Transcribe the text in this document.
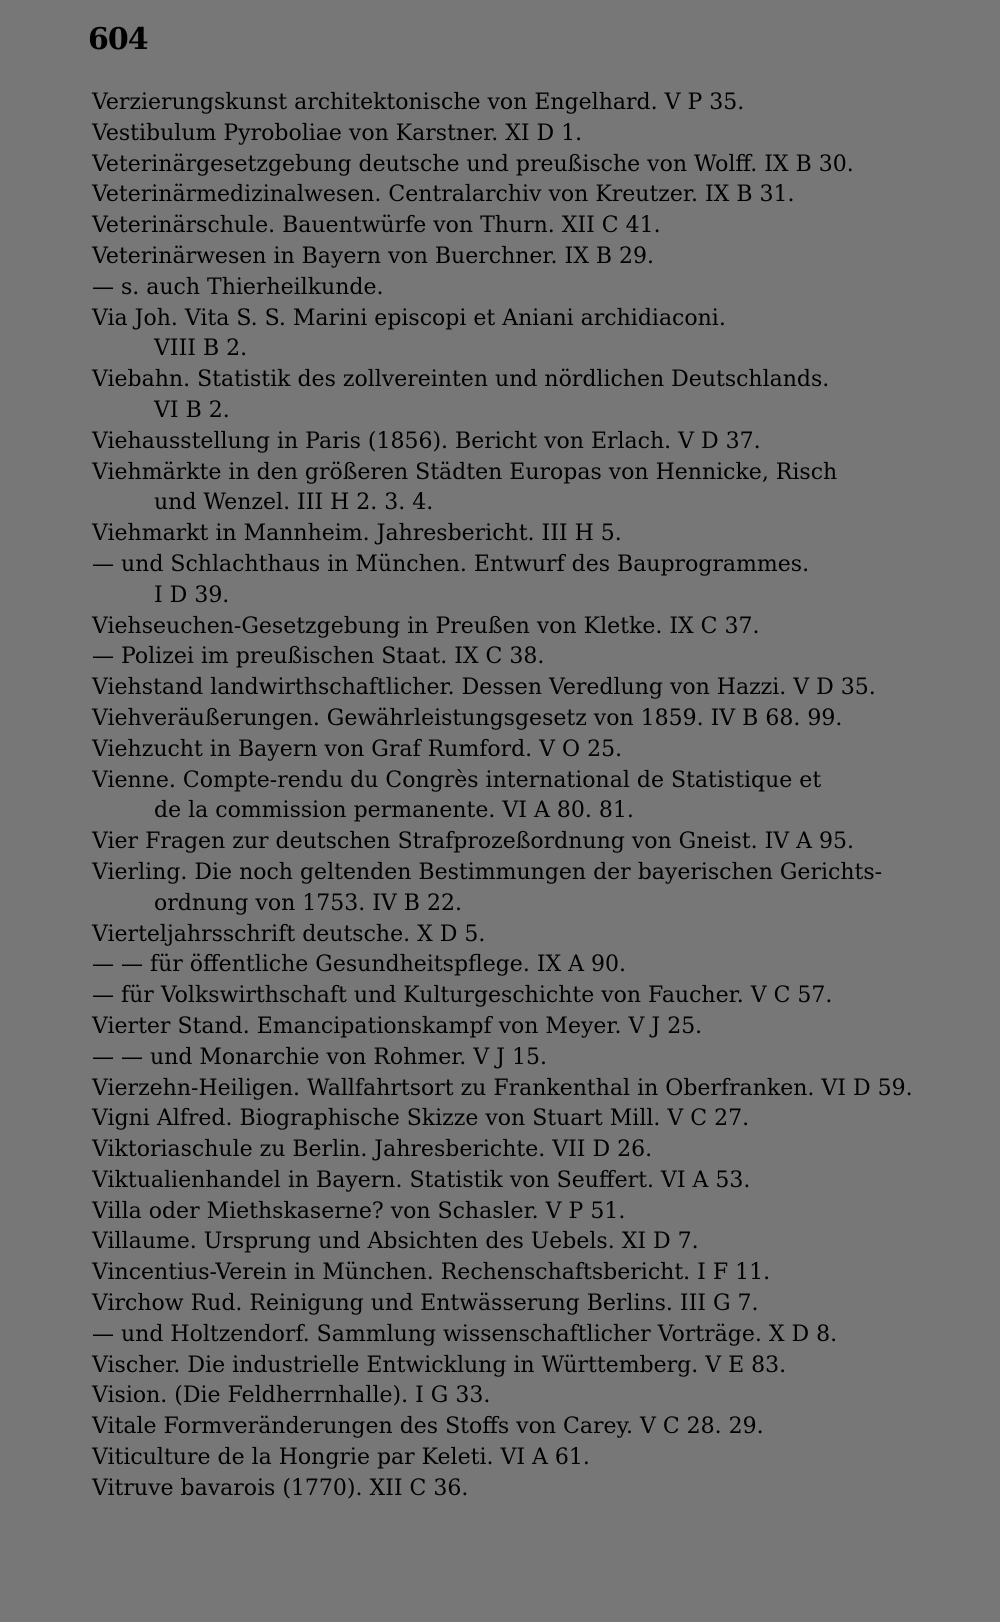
604
Verzierungskunst architektonische von Engelhard. V P 35.
Vestibulum Pyroboliae von Karstner. XI D 1.
Veterinärgesetzgebung deutsche und preußische von Wolff. IX B 30.
Veterinärmedizinalwesen. Centralarchiv von Kreutzer. IX B 31.
Veterinärschule. Bauentwürfe von Thurn. XII C 41.
Veterinärwesen in Bayern von Buerchner. IX B 29.
— s. auch Thierheilkunde.
Via Joh. Vita S. S. Marini episcopi et Aniani archidiaconi.
VIII B 2.
Viebahn. Statistik des zollvereinten und nördlichen Deutschlands.
VI B 2.
Viehausstellung in Paris (1856). Bericht von Erlach. V D 37.
Viehmärkte in den größeren Städten Europas von Hennicke, Risch
und Wenzel. III H 2. 3. 4.
Viehmarkt in Mannheim. Jahresbericht. III H 5.
— und Schlachthaus in München. Entwurf des Bauprogrammes.
I D 39.
Viehseuchen-Gesetzgebung in Preußen von Kletke. IX C 37.
— Polizei im preußischen Staat. IX C 38.
Viehstand landwirthschaftlicher. Dessen Veredlung von Hazzi. V D 35.
Viehveräußerungen. Gewährleistungsgesetz von 1859. IV B 68. 99.
Viehzucht in Bayern von Graf Rumford. V O 25.
Vienne. Compte-rendu du Congrès international de Statistique et
de la commission permanente. VI A 80. 81.
Vier Fragen zur deutschen Strafprozeßordnung von Gneist. IV A 95.
Vierling. Die noch geltenden Bestimmungen der bayerischen Gerichts-
ordnung von 1753. IV B 22.
Vierteljahrsschrift deutsche. X D 5.
— — für öffentliche Gesundheitspflege. IX A 90.
— für Volkswirthschaft und Kulturgeschichte von Faucher. V C 57.
Vierter Stand. Emancipationskampf von Meyer. V J 25.
— — und Monarchie von Rohmer. V J 15.
Vierzehn-Heiligen. Wallfahrtsort zu Frankenthal in Oberfranken. VI D 59.
Vigni Alfred. Biographische Skizze von Stuart Mill. V C 27.
Viktoriaschule zu Berlin. Jahresberichte. VII D 26.
Viktualienhandel in Bayern. Statistik von Seuffert. VI A 53.
Villa oder Miethskaserne? von Schasler. V P 51.
Villaume. Ursprung und Absichten des Uebels. XI D 7.
Vincentius-Verein in München. Rechenschaftsbericht. I F 11.
Virchow Rud. Reinigung und Entwässerung Berlins. III G 7.
— und Holtzendorf. Sammlung wissenschaftlicher Vorträge. X D 8.
Vischer. Die industrielle Entwicklung in Württemberg. V E 83.
Vision. (Die Feldherrnhalle). I G 33.
Vitale Formveränderungen des Stoffs von Carey. V C 28. 29.
Viticulture de la Hongrie par Keleti. VI A 61.
Vitruve bavarois (1770). XII C 36.
